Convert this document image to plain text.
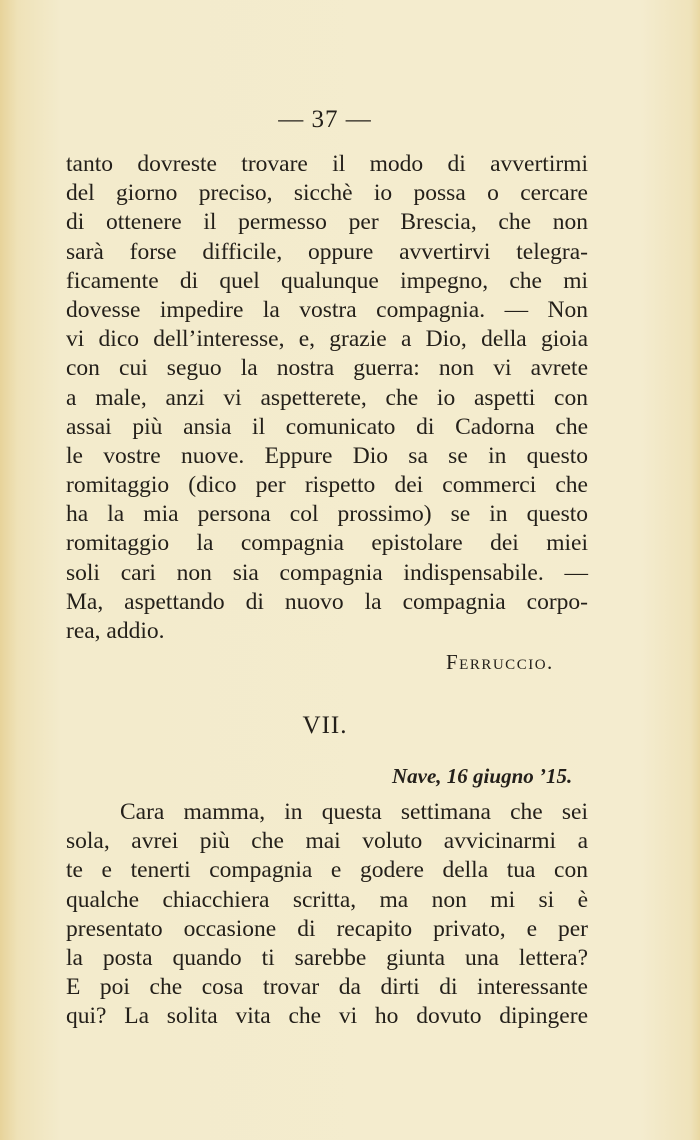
— 37 —
tanto dovreste trovare il modo di avvertirmi
del giorno preciso, sicchè io possa o cercare
di ottenere il permesso per Brescia, che non
sarà forse difficile, oppure avvertirvi telegra-
ficamente di quel qualunque impegno, che mi
dovesse impedire la vostra compagnia. — Non
vi dico dell’interesse, e, grazie a Dio, della gioia
con cui seguo la nostra guerra: non vi avrete
a male, anzi vi aspetterete, che io aspetti con
assai più ansia il comunicato di Cadorna che
le vostre nuove. Eppure Dio sa se in questo
romitaggio (dico per rispetto dei commerci che
ha la mia persona col prossimo) se in questo
romitaggio la compagnia epistolare dei miei
soli cari non sia compagnia indispensabile. —
Ma, aspettando di nuovo la compagnia corpo-
rea, addio.
Ferruccio.
VII.
Nave, 16 giugno ’15.
Cara mamma, in questa settimana che sei
sola, avrei più che mai voluto avvicinarmi a
te e tenerti compagnia e godere della tua con
qualche chiacchiera scritta, ma non mi si è
presentato occasione di recapito privato, e per
la posta quando ti sarebbe giunta una lettera?
E poi che cosa trovar da dirti di interessante
qui? La solita vita che vi ho dovuto dipingere
